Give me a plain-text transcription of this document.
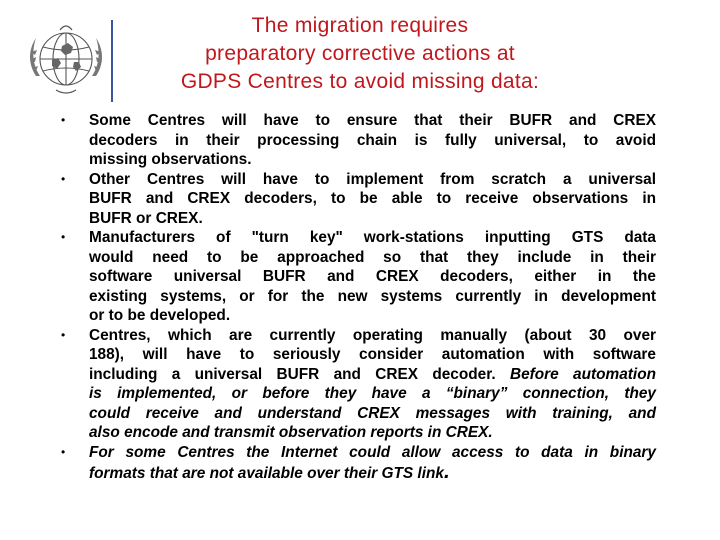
The migration requires
preparatory corrective actions at
GDPS Centres to avoid missing data:
• Some Centres will have to ensure that their BUFR and CREX
decoders in their processing chain is fully universal, to avoid
missing observations.
• Other Centres will have to implement from scratch a universal
BUFR and CREX decoders, to be able to receive observations in
BUFR or CREX.
• Manufacturers of "turn key" work-stations inputting GTS data
would need to be approached so that they include in their
software universal BUFR and CREX decoders, either in the
existing systems, or for the new systems currently in development
or to be developed.
• Centres, which are currently operating manually (about 30 over
188), will have to seriously consider automation with software
including a universal BUFR and CREX decoder. Before automation
is implemented, or before they have a “binary” connection, they
could receive and understand CREX messages with training, and
also encode and transmit observation reports in CREX.
• For some Centres the Internet could allow access to data in binary
formats that are not available over their GTS link.
